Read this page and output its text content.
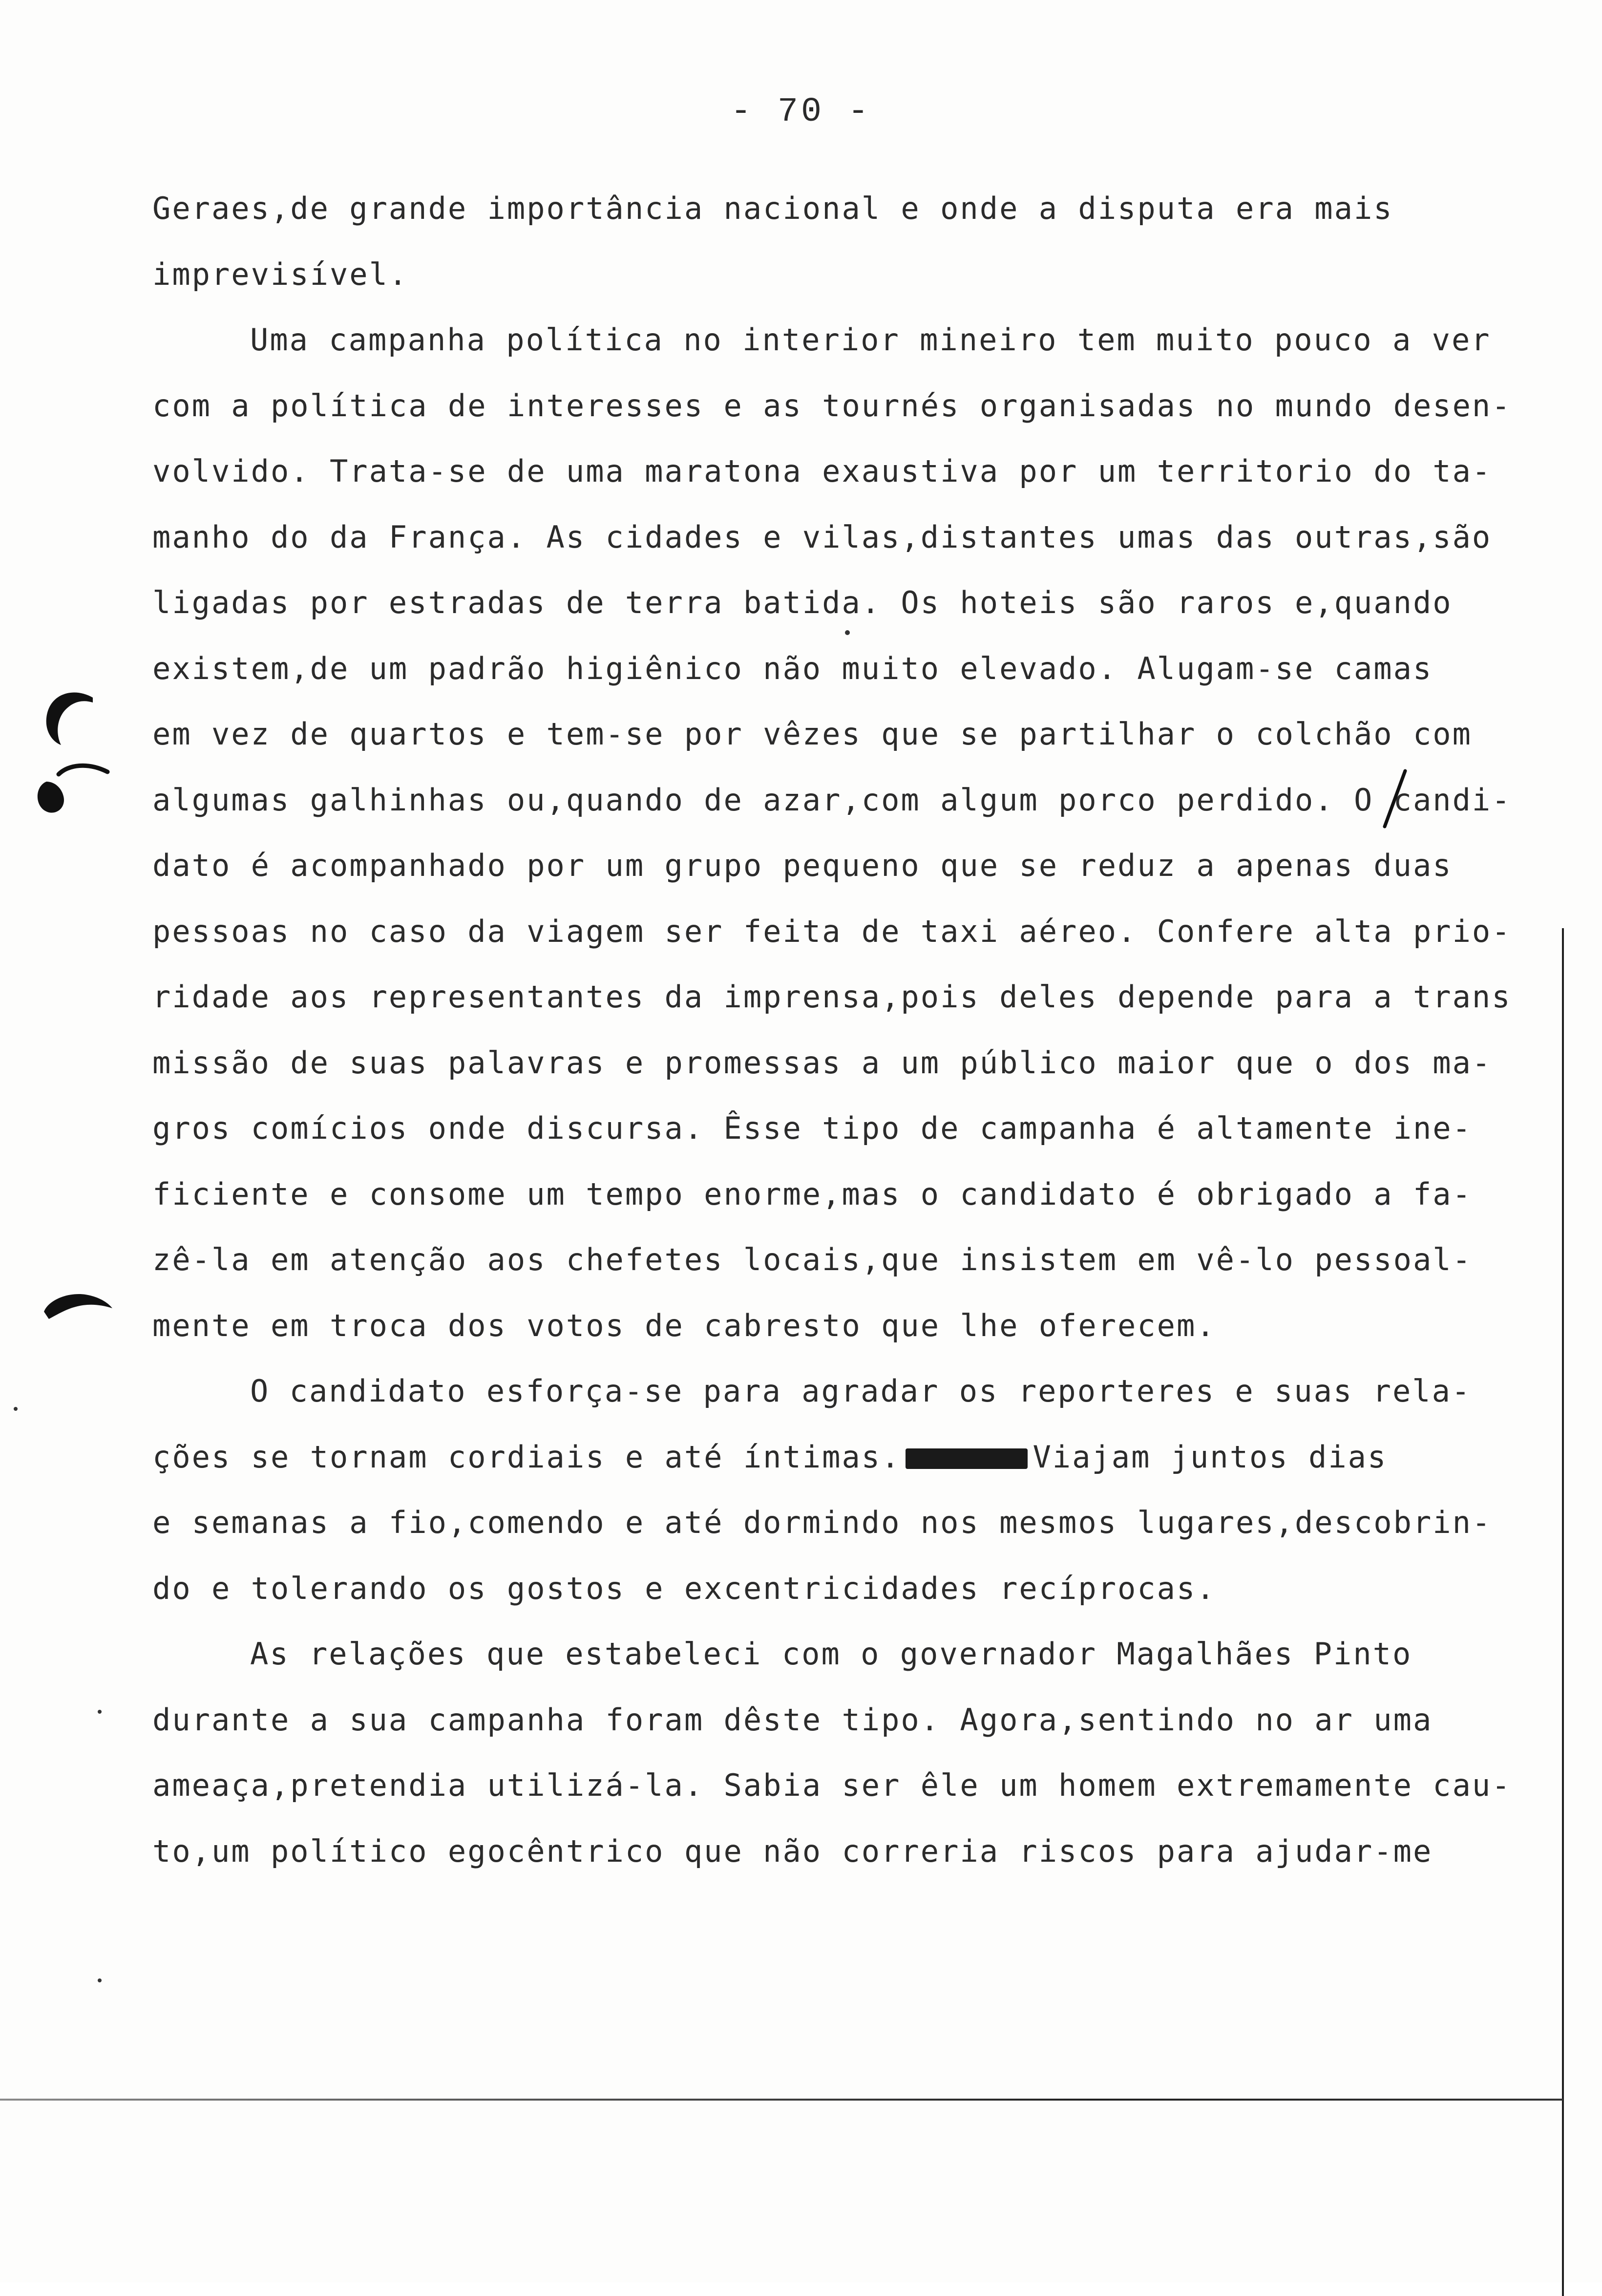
- 70 -
Geraes,de grande importância nacional e onde a disputa era mais
imprevisível.
Uma campanha política no interior mineiro tem muito pouco a ver
com a política de interesses e as tournés organisadas no mundo desen-
volvido. Trata-se de uma maratona exaustiva por um territorio do ta-
manho do da França. As cidades e vilas,distantes umas das outras,são
ligadas por estradas de terra batida. Os hoteis são raros e,quando
existem,de um padrão higiênico não muito elevado. Alugam-se camas
em vez de quartos e tem-se por vêzes que se partilhar o colchão com
algumas galhinhas ou,quando de azar,com algum porco perdido. O candi-
dato é acompanhado por um grupo pequeno que se reduz a apenas duas
pessoas no caso da viagem ser feita de taxi aéreo. Confere alta prio-
ridade aos representantes da imprensa,pois deles depende para a trans
missão de suas palavras e promessas a um público maior que o dos ma-
gros comícios onde discursa. Êsse tipo de campanha é altamente ine-
ficiente e consome um tempo enorme,mas o candidato é obrigado a fa-
zê-la em atenção aos chefetes locais,que insistem em vê-lo pessoal-
mente em troca dos votos de cabresto que lhe oferecem.
O candidato esforça-se para agradar os reporteres e suas rela-
ções se tornam cordiais e até íntimas.	Viajam juntos dias
e semanas a fio,comendo e até dormindo nos mesmos lugares,descobrin-
do e tolerando os gostos e excentricidades recíprocas.
As relações que estabeleci com o governador Magalhães Pinto
durante a sua campanha foram dêste tipo. Agora,sentindo no ar uma
ameaça,pretendia utilizá-la. Sabia ser êle um homem extremamente cau-
to,um político egocêntrico que não correria riscos para ajudar-me
